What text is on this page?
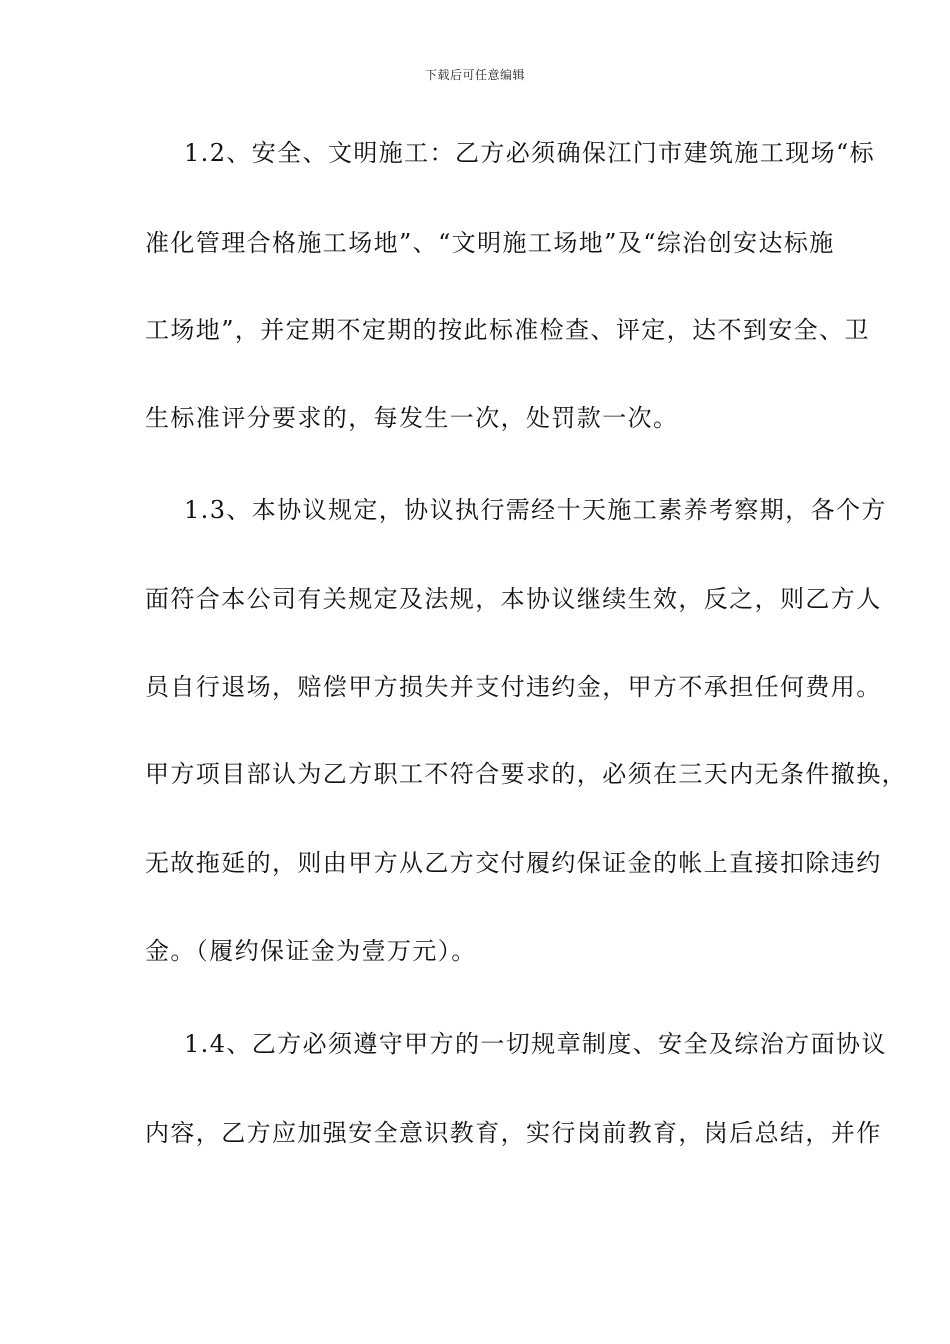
下载后可任意编辑
1.2、安全、文明施工：乙方必须确保江门市建筑施工现场“标
准化管理合格施工场地”、“文明施工场地”及“综治创安达标施
工场地”，并定期不定期的按此标准检查、评定，达不到安全、卫
生标准评分要求的，每发生一次，处罚款一次。
1.3、本协议规定，协议执行需经十天施工素养考察期，各个方
面符合本公司有关规定及法规，本协议继续生效，反之，则乙方人
员自行退场，赔偿甲方损失并支付违约金，甲方不承担任何费用。
甲方项目部认为乙方职工不符合要求的，必须在三天内无条件撤换，
无故拖延的，则由甲方从乙方交付履约保证金的帐上直接扣除违约
金。（履约保证金为壹万元）。
1.4、乙方必须遵守甲方的一切规章制度、安全及综治方面协议
内容，乙方应加强安全意识教育，实行岗前教育，岗后总结，并作
